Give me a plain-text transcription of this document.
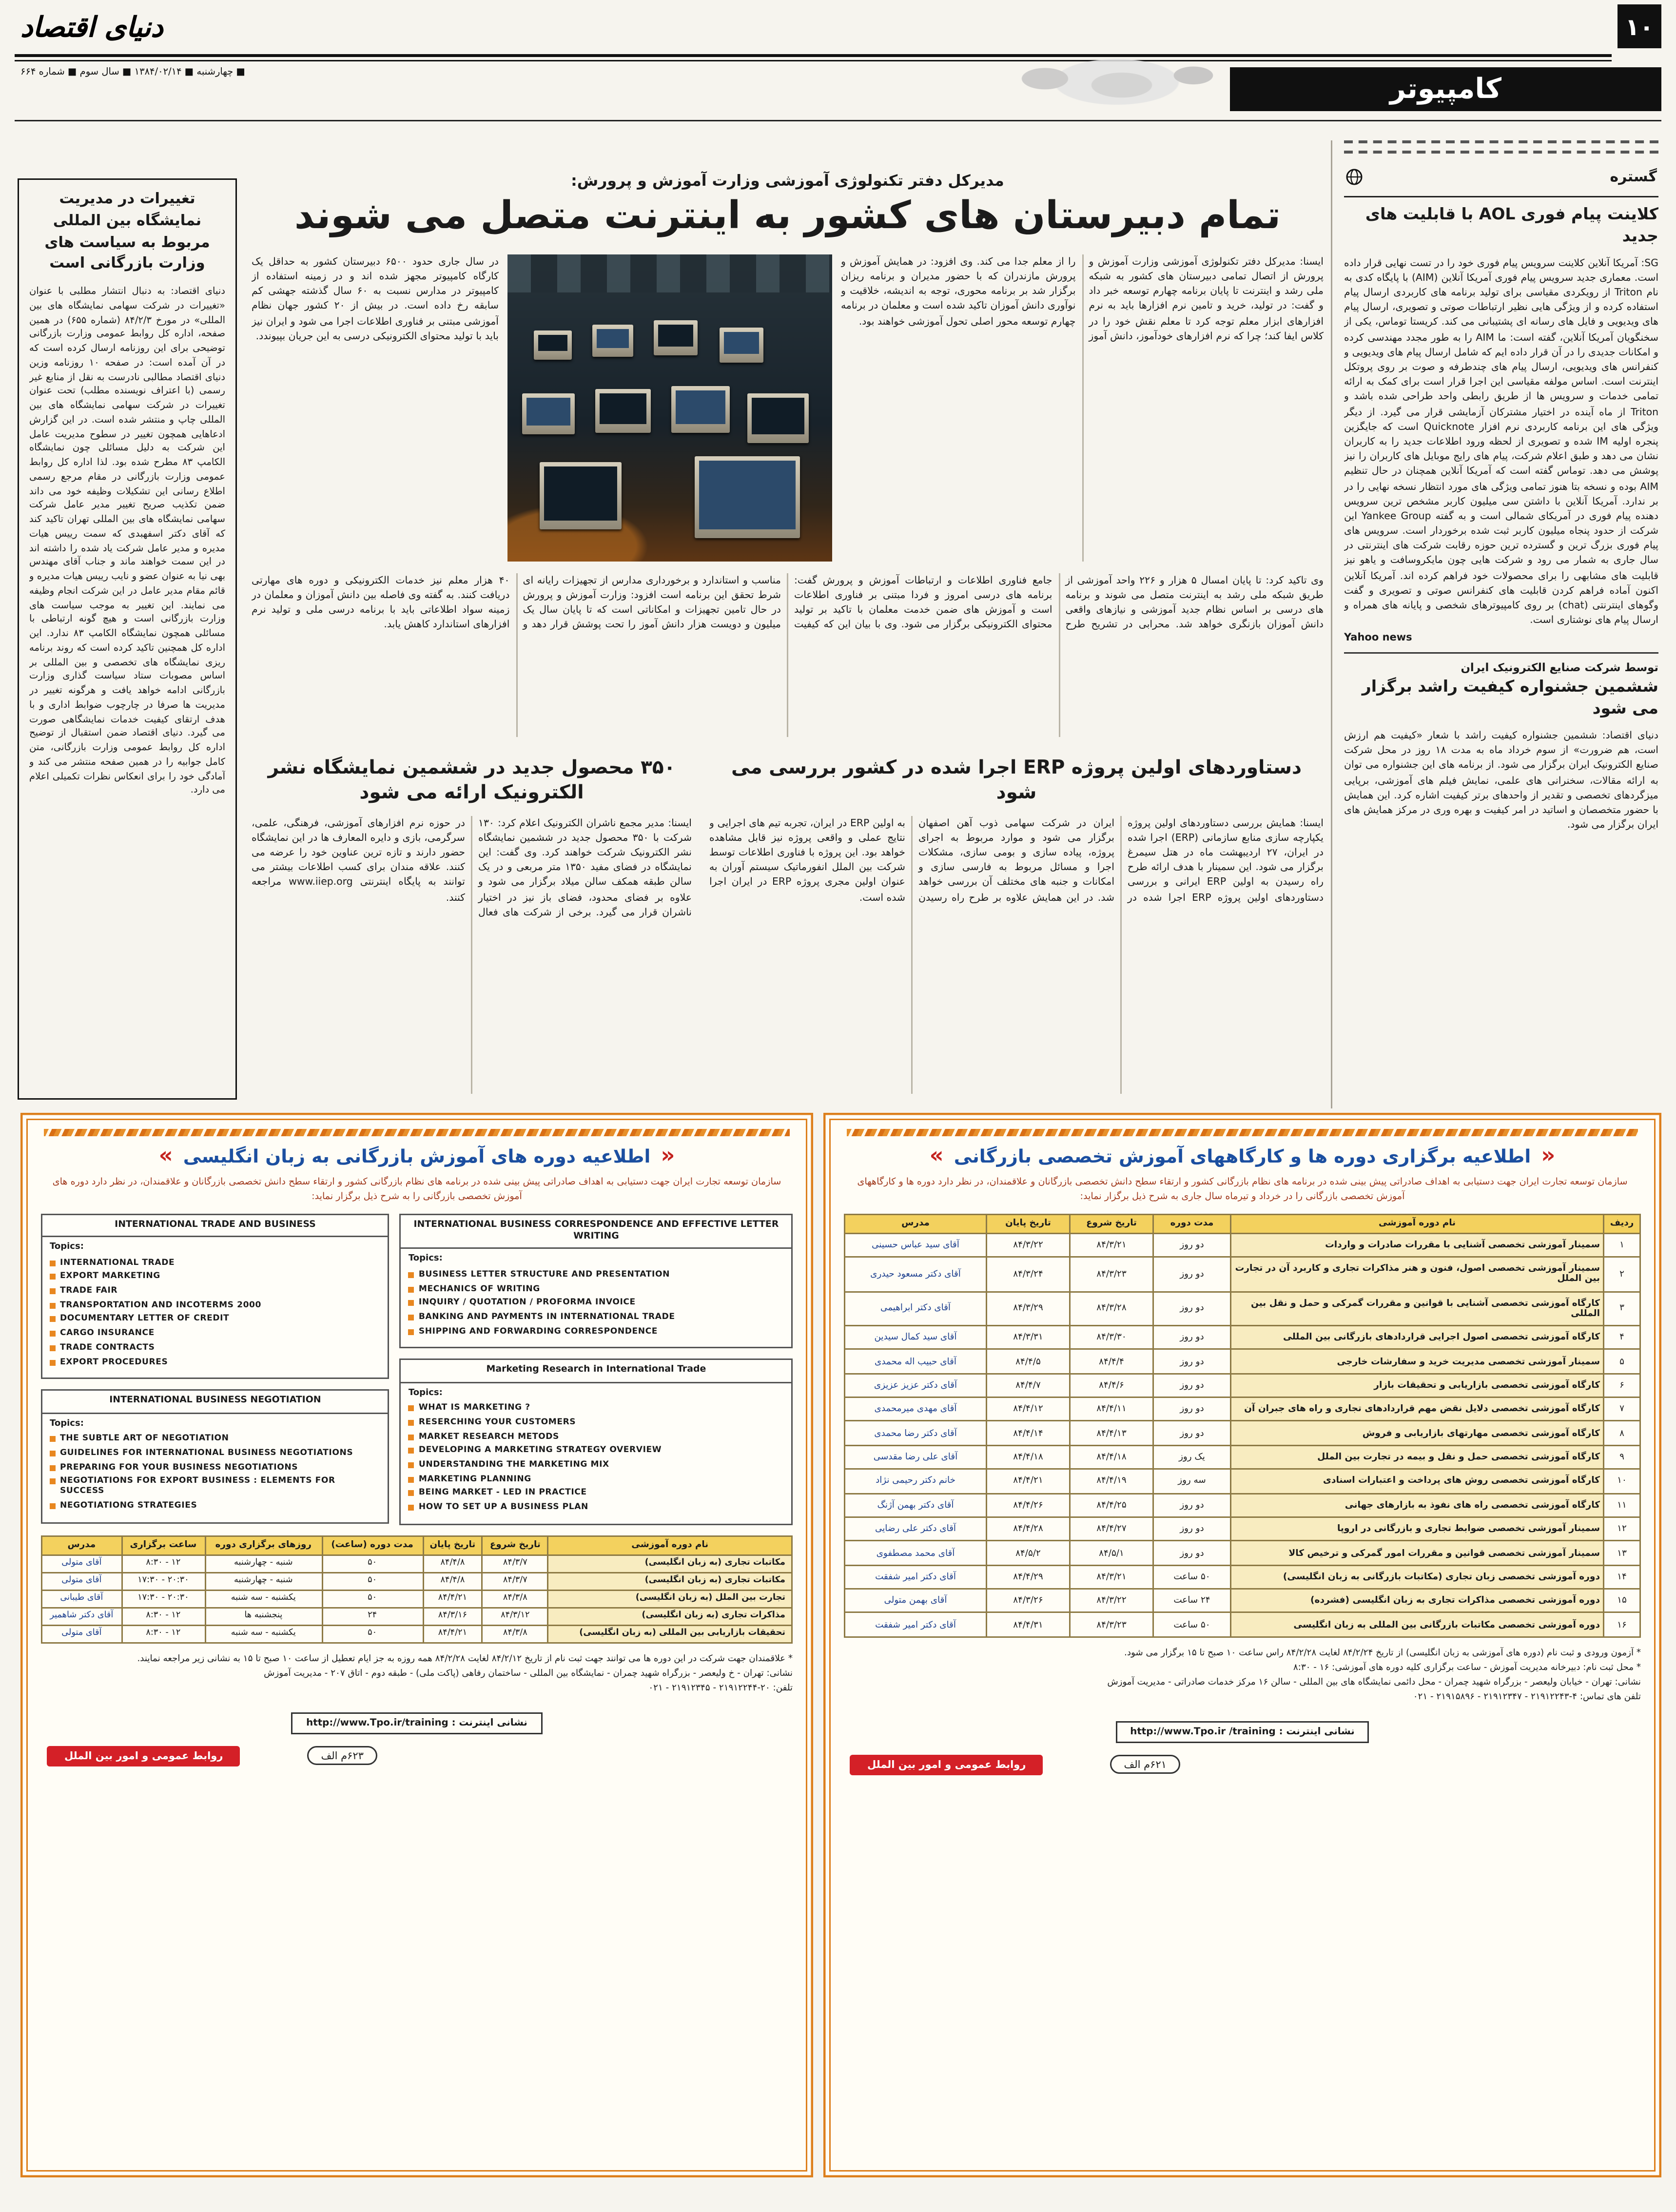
دنیای اقتصاد	۱۰
■ چهارشنبه ■ ۱۳۸۴/۰۲/۱۴ ■ سال سوم ■ شماره ۶۶۴
کامپیوتر
تغییرات در مدیریت نمایشگاه بین المللی مربوط به سیاست های وزارت بازرگانی است
دنیای اقتصاد: به دنبال انتشار مطلبی با عنوان «تغییرات در شرکت سهامی نمایشگاه های بین المللی» در مورخ ۸۴/۲/۳ (شماره ۶۵۵) در همین صفحه، اداره کل روابط عمومی وزارت بازرگانی توضیحی برای این روزنامه ارسال کرده است که در آن آمده است: در صفحه ۱۰ روزنامه وزین دنیای اقتصاد مطالبی نادرست به نقل از منابع غیر رسمی (با اعتراف نویسنده مطلب) تحت عنوان تغییرات در شرکت سهامی نمایشگاه های بین المللی چاپ و منتشر شده است. در این گزارش ادعاهایی همچون تغییر در سطوح مدیریت عامل این شرکت به دلیل مسائلی چون نمایشگاه الکامپ ۸۳ مطرح شده بود. لذا اداره کل روابط عمومی وزارت بازرگانی در مقام مرجع رسمی اطلاع رسانی این تشکیلات وظیفه خود می داند ضمن تکذیب صریح تغییر مدیر عامل شرکت سهامی نمایشگاه های بین المللی تهران تاکید کند که آقای دکتر اسفهبدی که سمت رییس هیات مدیره و مدیر عامل شرکت یاد شده را داشته اند در این سمت خواهند ماند و جناب آقای مهندس بهی نیا به عنوان عضو و نایب رییس هیات مدیره و قائم مقام مدیر عامل در این شرکت انجام وظیفه می نمایند. این تغییر به موجب سیاست های وزارت بازرگانی است و هیچ گونه ارتباطی با مسائلی همچون نمایشگاه الکامپ ۸۳ ندارد. این اداره کل همچنین تاکید کرده است که روند برنامه ریزی نمایشگاه های تخصصی و بین المللی بر اساس مصوبات ستاد سیاست گذاری وزارت بازرگانی ادامه خواهد یافت و هرگونه تغییر در مدیریت ها صرفا در چارچوب ضوابط اداری و با هدف ارتقای کیفیت خدمات نمایشگاهی صورت می گیرد. دنیای اقتصاد ضمن استقبال از توضیح اداره کل روابط عمومی وزارت بازرگانی، متن کامل جوابیه را در همین صفحه منتشر می کند و آمادگی خود را برای انعکاس نظرات تکمیلی اعلام می دارد.
مدیرکل دفتر تکنولوژی آموزشی وزارت آموزش و پرورش:
تمام دبیرستان های کشور به اینترنت متصل می شوند
ایسنا: مدیرکل دفتر تکنولوژی آموزشی وزارت آموزش و پرورش از اتصال تمامی دبیرستان های کشور به شبکه ملی رشد و اینترنت تا پایان برنامه چهارم توسعه خبر داد و گفت: در تولید، خرید و تامین نرم افزارها باید به نرم افزارهای ابزار معلم توجه کرد تا معلم نقش خود را در کلاس ایفا کند؛ چرا که نرم افزارهای خودآموز، دانش آموز را از معلم جدا می کند. وی افزود: در همایش آموزش و پرورش مازندران که با حضور مدیران و برنامه ریزان برگزار شد بر برنامه محوری، توجه به اندیشه، خلاقیت و نوآوری دانش آموزان تاکید شده است و معلمان در برنامه چهارم توسعه محور اصلی تحول آموزشی خواهند بود.
در سال جاری حدود ۶۵۰۰ دبیرستان کشور به حداقل یک کارگاه کامپیوتر مجهز شده اند و در زمینه استفاده از کامپیوتر در مدارس نسبت به ۶۰ سال گذشته جهشی کم سابقه رخ داده است. در بیش از ۲۰ کشور جهان نظام آموزشی مبتنی بر فناوری اطلاعات اجرا می شود و ایران نیز باید با تولید محتوای الکترونیکی درسی به این جریان بپیوندد.
وی تاکید کرد: تا پایان امسال ۵ هزار و ۲۲۶ واحد آموزشی از طریق شبکه ملی رشد به اینترنت متصل می شوند و برنامه های درسی بر اساس نظام جدید آموزشی و نیازهای واقعی دانش آموزان بازنگری خواهد شد. محرابی در تشریح طرح جامع فناوری اطلاعات و ارتباطات آموزش و پرورش گفت: برنامه های درسی امروز و فردا مبتنی بر فناوری اطلاعات است و آموزش های ضمن خدمت معلمان با تاکید بر تولید محتوای الکترونیکی برگزار می شود. وی با بیان این که کیفیت مناسب و استاندارد و برخورداری مدارس از تجهیزات رایانه ای شرط تحقق این برنامه است افزود: وزارت آموزش و پرورش در حال تامین تجهیزات و امکاناتی است که تا پایان سال یک میلیون و دویست هزار دانش آموز را تحت پوشش قرار دهد و ۴۰ هزار معلم نیز خدمات الکترونیکی و دوره های مهارتی دریافت کنند. به گفته وی فاصله بین دانش آموزان و معلمان در زمینه سواد اطلاعاتی باید با برنامه درسی ملی و تولید نرم افزارهای استاندارد کاهش یابد.
دستاوردهای اولین پروژه ERP اجرا شده در کشور بررسی می شود
ایسنا: همایش بررسی دستاوردهای اولین پروژه یکپارچه سازی منابع سازمانی (ERP) اجرا شده در ایران، ۲۷ اردیبهشت ماه در هتل سیمرغ برگزار می شود. این سمینار با هدف ارائه طرح راه رسیدن به اولین ERP ایرانی و بررسی دستاوردهای اولین پروژه ERP اجرا شده در ایران در شرکت سهامی ذوب آهن اصفهان برگزار می شود و موارد مربوط به اجرای پروژه، پیاده سازی و بومی سازی، مشکلات اجرا و مسائل مربوط به فارسی سازی و امکانات و جنبه های مختلف آن بررسی خواهد شد. در این همایش علاوه بر طرح راه رسیدن به اولین ERP در ایران، تجربه تیم های اجرایی و نتایج عملی و واقعی پروژه نیز قابل مشاهده خواهد بود. این پروژه با فناوری اطلاعات توسط شرکت بین الملل انفورماتیک سیستم آوران به عنوان اولین مجری پروژه ERP در ایران اجرا شده است.
۳۵۰ محصول جدید در ششمین نمایشگاه نشر الکترونیک ارائه می شود
ایسنا: مدیر مجمع ناشران الکترونیک اعلام کرد: ۱۳۰ شرکت با ۳۵۰ محصول جدید در ششمین نمایشگاه نشر الکترونیک شرکت خواهند کرد. وی گفت: این نمایشگاه در فضای مفید ۱۳۵۰ متر مربعی و در یک سالن طبقه همکف سالن میلاد برگزار می شود و علاوه بر فضای محدود، فضای باز نیز در اختیار ناشران قرار می گیرد. برخی از شرکت های فعال در حوزه نرم افزارهای آموزشی، فرهنگی، علمی، سرگرمی، بازی و دایره المعارف ها در این نمایشگاه حضور دارند و تازه ترین عناوین خود را عرضه می کنند. علاقه مندان برای کسب اطلاعات بیشتر می توانند به پایگاه اینترنتی www.iiep.org مراجعه کنند.
گستره
کلاینت پیام فوری AOL با قابلیت های جدید
SG: آمریکا آنلاین کلاینت سرویس پیام فوری خود را در تست نهایی قرار داده است. معماری جدید سرویس پیام فوری آمریکا آنلاین (AIM) با پایگاه کدی به نام Triton از رویکردی مقیاسی برای تولید برنامه های کاربردی ارسال پیام استفاده کرده و از ویژگی هایی نظیر ارتباطات صوتی و تصویری، ارسال پیام های ویدیویی و فایل های رسانه ای پشتیبانی می کند. کریستا توماس، یکی از سخنگویان آمریکا آنلاین، گفته است: ما AIM را به طور مجدد مهندسی کرده و امکانات جدیدی را در آن قرار داده ایم که شامل ارسال پیام های ویدیویی و کنفرانس های ویدیویی، ارسال پیام های چندطرفه و صوت بر روی پروتکل اینترنت است. اساس مولفه مقیاسی این اجرا قرار است برای کمک به ارائه تمامی خدمات و سرویس ها از طریق رابطی واحد طراحی شده باشد و Triton از ماه آینده در اختیار مشترکان آزمایشی قرار می گیرد. از دیگر ویژگی های این برنامه کاربردی نرم افزار Quicknote است که جایگزین پنجره اولیه IM شده و تصویری از لحظه ورود اطلاعات جدید را به کاربران نشان می دهد و طبق اعلام شرکت، پیام های رایج موبایل های کاربران را نیز پوشش می دهد. توماس گفته است که آمریکا آنلاین همچنان در حال تنظیم AIM بوده و نسخه بتا هنوز تمامی ویژگی های مورد انتظار نسخه نهایی را در بر ندارد. آمریکا آنلاین با داشتن سی میلیون کاربر مشخص ترین سرویس دهنده پیام فوری در آمریکای شمالی است و به گفته Yankee Group این شرکت از حدود پنجاه میلیون کاربر ثبت شده برخوردار است. سرویس های پیام فوری بزرگ ترین و گسترده ترین حوزه رقابت شرکت های اینترنتی در سال جاری به شمار می رود و شرکت هایی چون مایکروسافت و یاهو نیز قابلیت های مشابهی را برای محصولات خود فراهم کرده اند. آمریکا آنلاین اکنون آماده فراهم کردن قابلیت های کنفرانس صوتی و تصویری و گفت وگوهای اینترنتی (chat) بر روی کامپیوترهای شخصی و پایانه های همراه و ارسال پیام های نوشتاری است.
Yahoo news
توسط شرکت صنایع الکترونیک ایران
ششمین جشنواره کیفیت راشد برگزار می شود
دنیای اقتصاد: ششمین جشنواره کیفیت راشد با شعار «کیفیت هم ارزش است، هم ضرورت» از سوم خرداد ماه به مدت ۱۸ روز در محل شرکت صنایع الکترونیک ایران برگزار می شود. از برنامه های این جشنواره می توان به ارائه مقالات، سخنرانی های علمی، نمایش فیلم های آموزشی، برپایی میزگردهای تخصصی و تقدیر از واحدهای برتر کیفیت اشاره کرد. این همایش با حضور متخصصان و اساتید در امر کیفیت و بهره وری در مرکز همایش های ایران برگزار می شود.
«
اطلاعیه دوره های آموزش بازرگانی به زبان انگلیسی
»
سازمان توسعه تجارت ایران جهت دستیابی به اهداف صادراتی پیش بینی شده در برنامه های نظام بازرگانی کشور و ارتقاء سطح دانش تخصصی بازرگانان و علاقمندان، در نظر دارد دوره های آموزش تخصصی بازرگانی را به شرح ذیل برگزار نماید:
INTERNATIONAL TRADE AND BUSINESS
Topics:
INTERNATIONAL TRADE
EXPORT MARKETING
TRADE FAIR
TRANSPORTATION AND INCOTERMS 2000
DOCUMENTARY LETTER OF CREDIT
CARGO INSURANCE
TRADE CONTRACTS
EXPORT PROCEDURES
INTERNATIONAL BUSINESS NEGOTIATION
Topics:
THE SUBTLE ART OF NEGOTIATION
GUIDELINES FOR INTERNATIONAL BUSINESS NEGOTIATIONS
PREPARING FOR YOUR BUSINESS NEGOTIATIONS
NEGOTIATIONS FOR EXPORT BUSINESS : ELEMENTS FOR SUCCESS
NEGOTIATIONG STRATEGIES
INTERNATIONAL BUSINESS CORRESPONDENCE AND EFFECTIVE LETTER WRITING
Topics:
BUSINESS LETTER STRUCTURE AND PRESENTATION
MECHANICS OF WRITING
INQUIRY / QUOTATION / PROFORMA INVOICE
BANKING AND PAYMENTS IN INTERNATIONAL TRADE
SHIPPING AND FORWARDING CORRESPONDENCE
Marketing Research in International Trade
Topics:
WHAT IS MARKETING ?
RESERCHING YOUR CUSTOMERS
MARKET RESEARCH METODS
DEVELOPING A MARKETING STRATEGY OVERVIEW
UNDERSTANDING THE MARKETING MIX
MARKETING PLANNING
BEING MARKET - LED IN PRACTICE
HOW TO SET UP A BUSINESS PLAN
نام دوره آموزشی	تاریخ شروع	تاریخ پایان	مدت دوره (ساعت)	روزهای برگزاری دوره	ساعت برگزاری	مدرس
مکاتبات تجاری (به زبان انگلیسی)	۸۴/۳/۷	۸۴/۴/۸	۵۰	شنبه - چهارشنبه	۱۲ - ۸:۳۰	آقای متولی
مکاتبات تجاری (به زبان انگلیسی)	۸۴/۳/۷	۸۴/۴/۸	۵۰	شنبه - چهارشنبه	۲۰:۳۰ - ۱۷:۳۰	آقای متولی
تجارت بین الملل (به زبان انگلیسی)	۸۴/۳/۸	۸۴/۴/۲۱	۵۰	یکشنبه - سه شنبه	۲۰:۳۰ - ۱۷:۳۰	آقای طیبانی
مذاکرات تجاری (به زبان انگلیسی)	۸۴/۳/۱۲	۸۴/۳/۱۶	۲۴	پنجشنبه ها	۱۲ - ۸:۳۰	آقای دکتر شاهمیر
تحقیقات بازاریابی بین المللی (به زبان انگلیسی)	۸۴/۳/۸	۸۴/۴/۲۱	۵۰	یکشنبه - سه شنبه	۱۲ - ۸:۳۰	آقای متولی
* علاقمندان جهت شرکت در این دوره ها می توانند جهت ثبت نام از تاریخ ۸۴/۲/۱۲ لغایت ۸۴/۲/۲۸ همه روزه به جز ایام تعطیل از ساعت ۱۰ صبح تا ۱۵ به نشانی زیر مراجعه نمایند.
نشانی: تهران - خ ولیعصر - بزرگراه شهید چمران - نمایشگاه بین المللی - ساختمان رفاهی (پاکت ملی) - طبقه دوم - اتاق ۲۰۷ - مدیریت آموزش
تلفن: ۲۰-۲۱۹۱۲۲۴۴ - ۲۱۹۱۲۳۴۵ - ۰۲۱
نشانی اینترنت : http://www.Tpo.ir/training
روابط عمومی و امور بین الملل	۶۲۳م الف
«
اطلاعیه برگزاری دوره ها و کارگاههای آموزش تخصصی بازرگانی
»
سازمان توسعه تجارت ایران جهت دستیابی به اهداف صادراتی پیش بینی شده در برنامه های نظام بازرگانی کشور و ارتقاء سطح دانش تخصصی بازرگانان و علاقمندان، در نظر دارد دوره ها و کارگاههای آموزش تخصصی بازرگانی را در خرداد و تیرماه سال جاری به شرح ذیل برگزار نماید:
ردیف	نام دوره آموزشی	مدت دوره	تاریخ شروع	تاریخ پایان	مدرس
۱	سمینار آموزشی تخصصی آشنایی با مقررات صادرات و واردات	دو روز	۸۴/۳/۲۱	۸۴/۳/۲۲	آقای سید عباس حسینی
۲	سمینار آموزشی تخصصی اصول، فنون و هنر مذاکرات تجاری و کاربرد آن در تجارت بین الملل	دو روز	۸۴/۳/۲۳	۸۴/۳/۲۴	آقای دکتر مسعود حیدری
۳	کارگاه آموزشی تخصصی آشنایی با قوانین و مقررات گمرکی و حمل و نقل بین المللی	دو روز	۸۴/۳/۲۸	۸۴/۳/۲۹	آقای دکتر ابراهیمی
۴	کارگاه آموزشی تخصصی اصول اجرایی قراردادهای بازرگانی بین المللی	دو روز	۸۴/۳/۳۰	۸۴/۳/۳۱	آقای سید کمال سیدین
۵	سمینار آموزشی تخصصی مدیریت خرید و سفارشات خارجی	دو روز	۸۴/۴/۴	۸۴/۴/۵	آقای حبیب اله محمدی
۶	کارگاه آموزشی تخصصی بازاریابی و تحقیقات بازار	دو روز	۸۴/۴/۶	۸۴/۴/۷	آقای دکتر عزیز عزیزی
۷	کارگاه آموزشی تخصصی دلایل نقض مهم قراردادهای تجاری و راه های جبران آن	دو روز	۸۴/۴/۱۱	۸۴/۴/۱۲	آقای مهدی میرمحمدی
۸	کارگاه آموزشی تخصصی مهارتهای بازاریابی و فروش	دو روز	۸۴/۴/۱۳	۸۴/۴/۱۴	آقای دکتر رضا محمدی
۹	کارگاه آموزشی تخصصی حمل و نقل و بیمه در تجارت بین الملل	یک روز	۸۴/۴/۱۸	۸۴/۴/۱۸	آقای علی رضا مقدسی
۱۰	کارگاه آموزشی تخصصی روش های پرداخت و اعتبارات اسنادی	سه روز	۸۴/۴/۱۹	۸۴/۴/۲۱	خانم دکتر رحیمی نژاد
۱۱	کارگاه آموزشی تخصصی راه های نفوذ به بازارهای جهانی	دو روز	۸۴/۴/۲۵	۸۴/۴/۲۶	آقای دکتر بهمن آژنگ
۱۲	سمینار آموزشی تخصصی ضوابط تجاری و بازرگانی در اروپا	دو روز	۸۴/۴/۲۷	۸۴/۴/۲۸	آقای دکتر علی رضایی
۱۳	سمینار آموزشی تخصصی قوانین و مقررات امور گمرکی و ترخیص کالا	دو روز	۸۴/۵/۱	۸۴/۵/۲	آقای محمد مصطفوی
۱۴	دوره آموزشی تخصصی زبان تجاری (مکاتبات بازرگانی به زبان انگلیسی)	۵۰ ساعت	۸۴/۳/۲۱	۸۴/۴/۲۹	آقای دکتر امیر شفقت
۱۵	دوره آموزشی تخصصی مذاکرات تجاری به زبان انگلیسی (فشرده)	۲۴ ساعت	۸۴/۳/۲۲	۸۴/۳/۲۶	آقای بهمن متولی
۱۶	دوره آموزشی تخصصی مکاتبات بازرگانی بین المللی به زبان انگلیسی	۵۰ ساعت	۸۴/۳/۲۳	۸۴/۴/۳۱	آقای دکتر امیر شفقت
* آزمون ورودی و ثبت نام (دوره های آموزشی به زبان انگلیسی) از تاریخ ۸۴/۲/۲۴ لغایت ۸۴/۲/۲۸ راس ساعت ۱۰ صبح تا ۱۵ برگزار می شود.
* محل ثبت نام: دبیرخانه مدیریت آموزش - ساعت برگزاری کلیه دوره های آموزشی: ۱۶ - ۸:۳۰
نشانی: تهران - خیابان ولیعصر - بزرگراه شهید چمران - محل دائمی نمایشگاه های بین المللی - سالن ۱۶ مرکز خدمات صادراتی - مدیریت آموزش
تلفن های تماس: ۴-۲۱۹۱۲۲۴۳ - ۲۱۹۱۲۳۴۷ - ۲۱۹۱۵۸۹۶ - ۰۲۱
نشانی اینترنت : http://www.Tpo.ir /training
روابط عمومی و امور بین الملل	۶۲۱م الف
